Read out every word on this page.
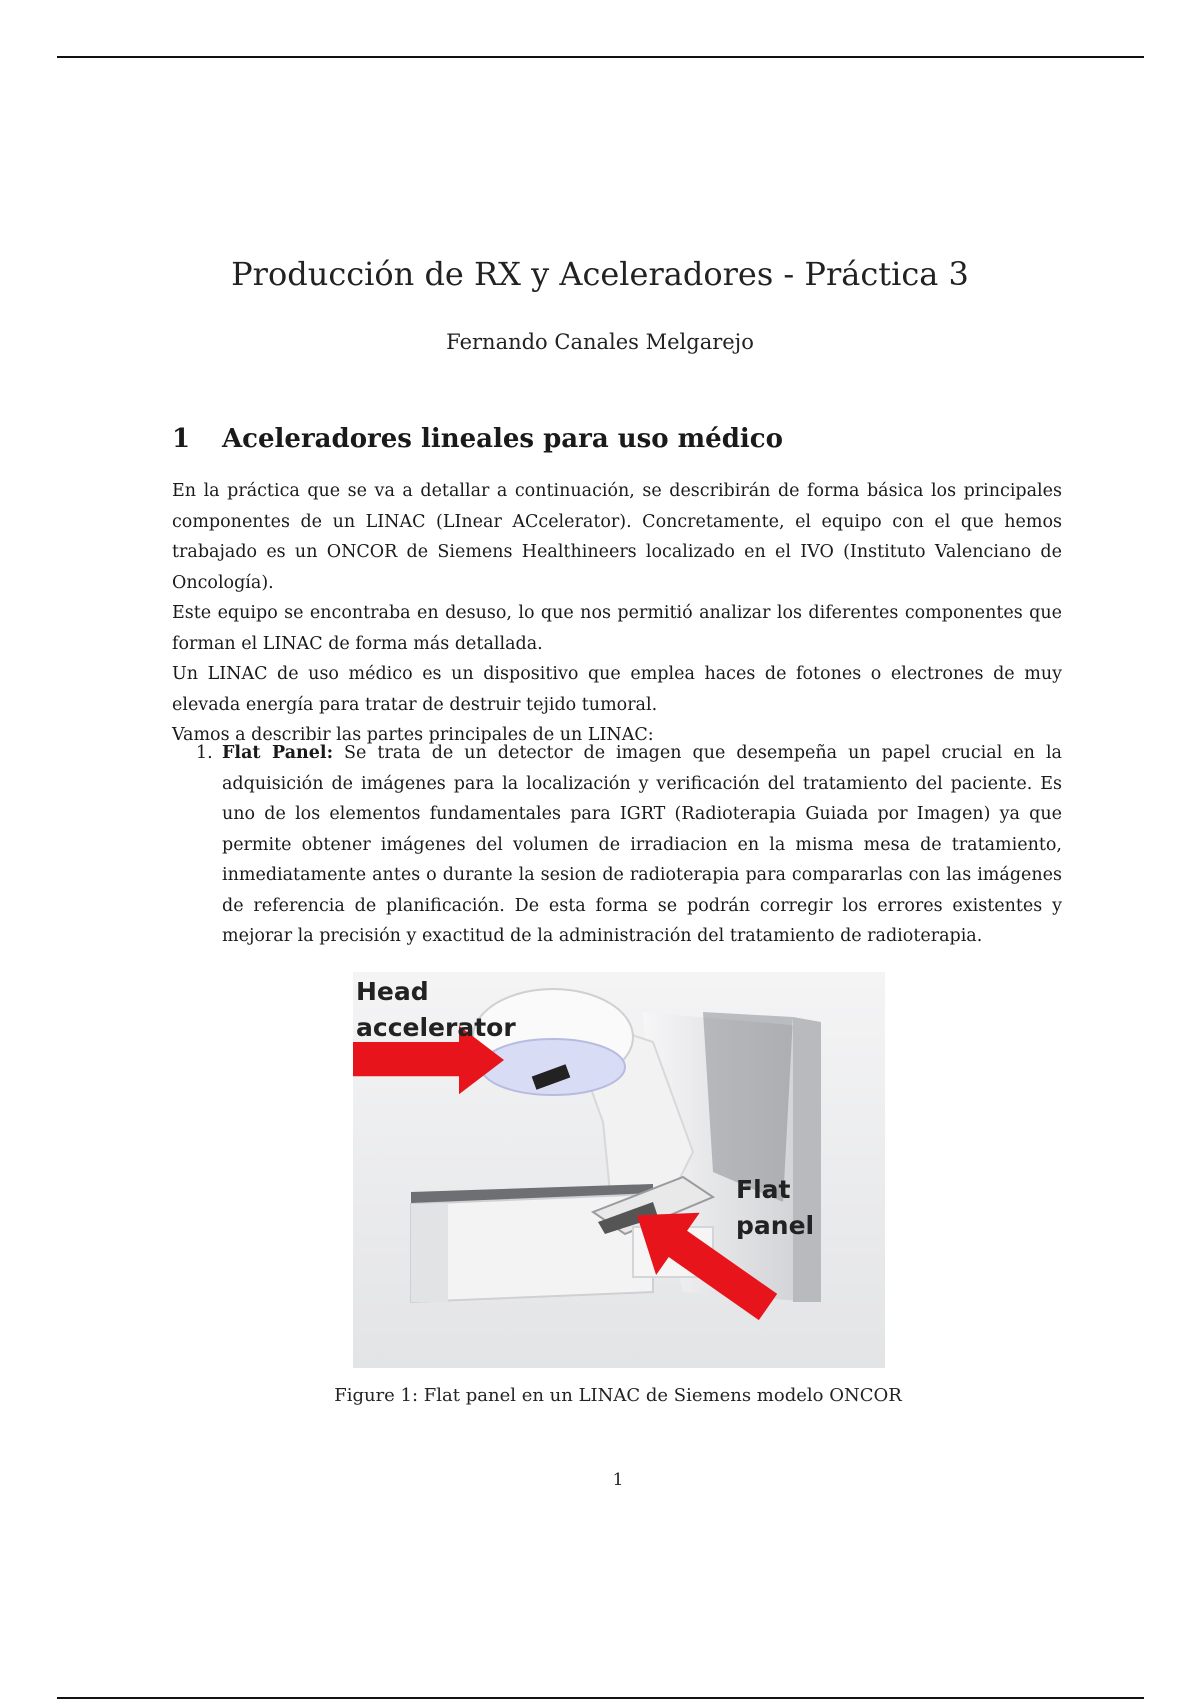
Producción de RX y Aceleradores - Práctica 3
Fernando Canales Melgarejo
1 Aceleradores lineales para uso médico

En la práctica que se va a detallar a continuación, se describirán de forma básica los principales componentes de un LINAC (LInear ACcelerator). Concretamente, el equipo con el que hemos trabajado es un ONCOR de Siemens Healthineers localizado en el IVO (Instituto Valenciano de Oncología).

Este equipo se encontraba en desuso, lo que nos permitió analizar los diferentes componentes que forman el LINAC de forma más detallada.

Un LINAC de uso médico es un dispositivo que emplea haces de fotones o electrones de muy elevada energía para tratar de destruir tejido tumoral.

Vamos a describir las partes principales de un LINAC:

1. Flat Panel: Se trata de un detector de imagen que desempeña un papel crucial en la adquisición de imágenes para la localización y verificación del tratamiento del paciente. Es uno de los elementos fundamentales para IGRT (Radioterapia Guiada por Imagen) ya que permite obtener imágenes del volumen de irradiacion en la misma mesa de tratamiento, inmediatamente antes o durante la sesion de radioterapia para compararlas con las imágenes de referencia de planificación. De esta forma se podrán corregir los errores existentes y mejorar la precisión y exactitud de la administración del tratamiento de radioterapia.
Head
accelerator
Flat
panel
Figure 1: Flat panel en un LINAC de Siemens modelo ONCOR
1
